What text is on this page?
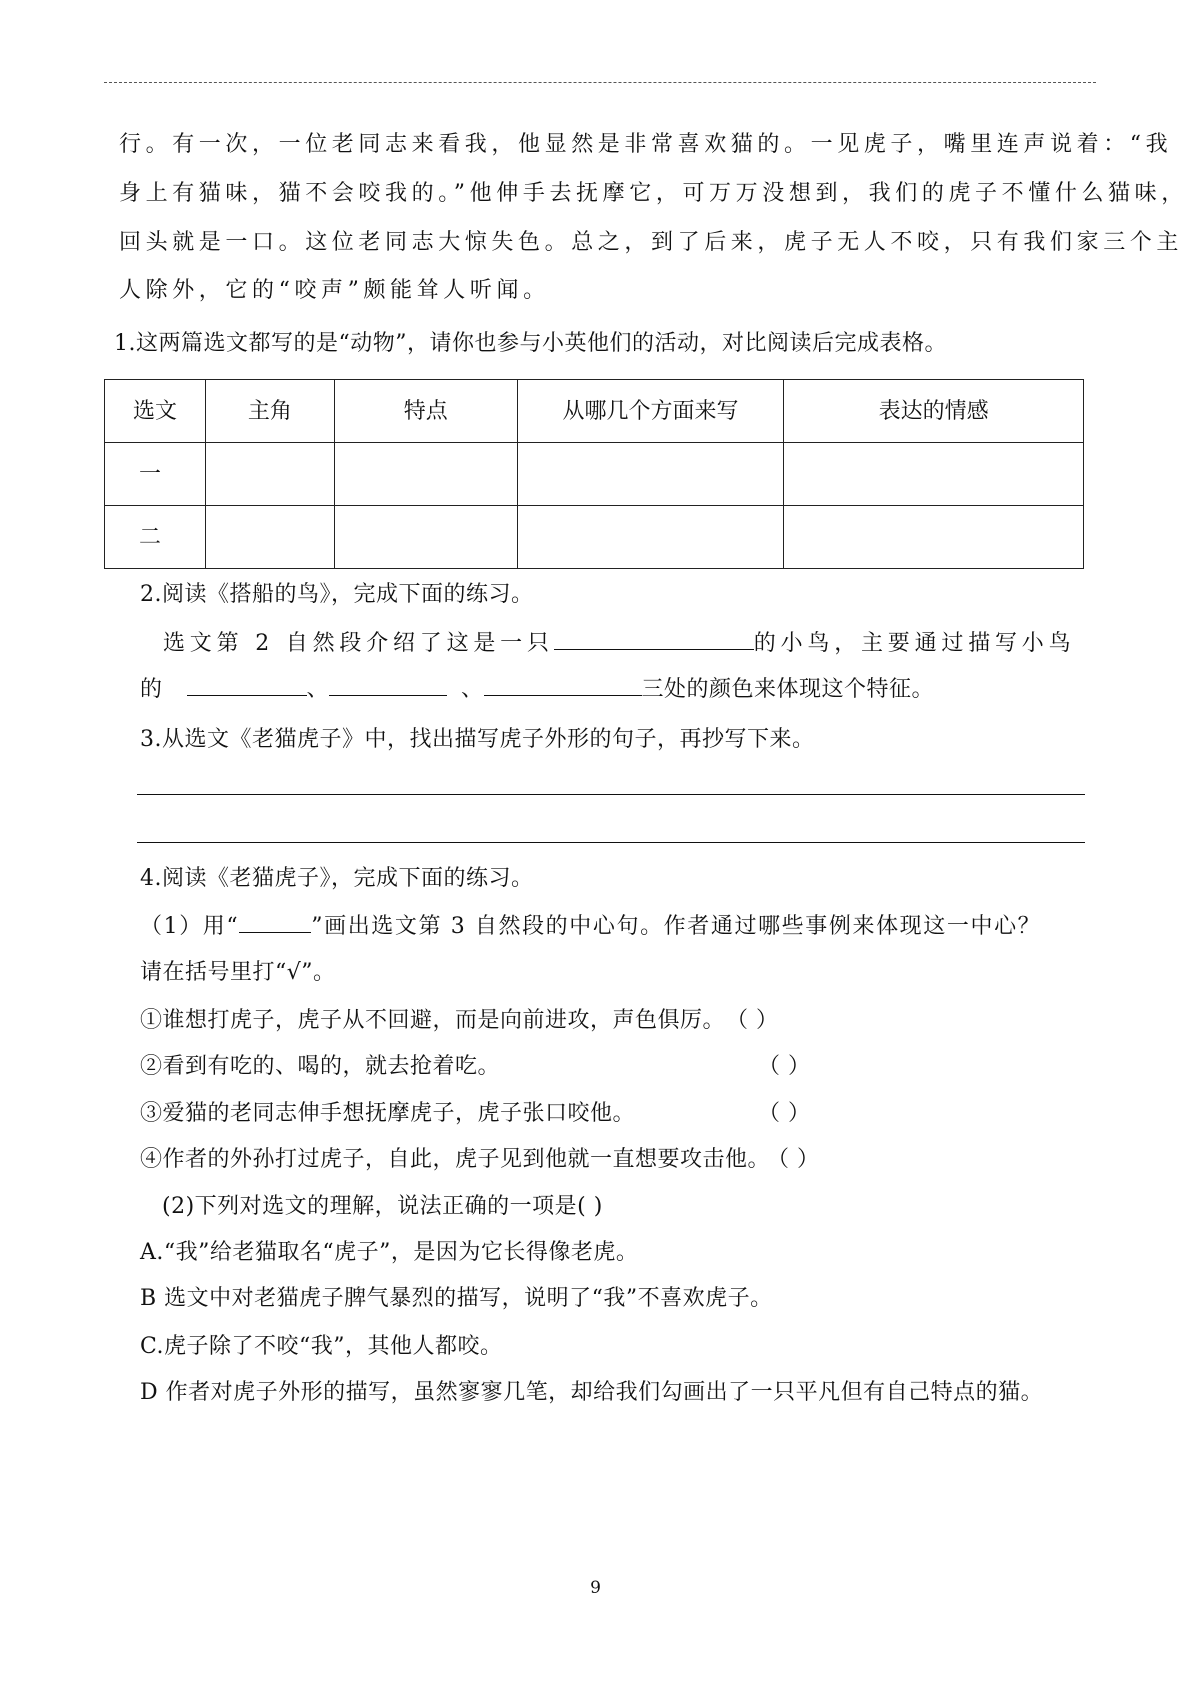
行。有一次，一位老同志来看我，他显然是非常喜欢猫的。一见虎子，嘴里连声说着：“我
身上有猫味，猫不会咬我的。”他伸手去抚摩它，可万万没想到，我们的虎子不懂什么猫味，
回头就是一口。这位老同志大惊失色。总之，到了后来，虎子无人不咬，只有我们家三个主
人除外，它的“咬声”颇能耸人听闻。
1.这两篇选文都写的是“动物”，请你也参与小英他们的活动，对比阅读后完成表格。
选文	主角	特点	从哪几个方面来写	表达的情感
一				
二				
2.阅读《搭船的鸟》，完成下面的练习。
选文第 2 自然段介绍了这是一只	的小鸟，主要通过描写小鸟
的	、	、	三处的颜色来体现这个特征。
3.从选文《老猫虎子》中，找出描写虎子外形的句子，再抄写下来。
4.阅读《老猫虎子》，完成下面的练习。
（1）用“	”画出选文第 3 自然段的中心句。作者通过哪些事例来体现这一中心？
请在括号里打“√”。
①谁想打虎子，虎子从不回避，而是向前进攻，声色俱厉。 （ ）
②看到有吃的、喝的，就去抢着吃。	（ ）
③爱猫的老同志伸手想抚摩虎子，虎子张口咬他。	（ ）
④作者的外孙打过虎子，自此，虎子见到他就一直想要攻击他。 （ ）
(2)下列对选文的理解，说法正确的一项是( )
A.“我”给老猫取名“虎子”，是因为它长得像老虎。
B 选文中对老猫虎子脾气暴烈的描写，说明了“我”不喜欢虎子。
C.虎子除了不咬“我”，其他人都咬。
D 作者对虎子外形的描写，虽然寥寥几笔，却给我们勾画出了一只平凡但有自己特点的猫。
9
